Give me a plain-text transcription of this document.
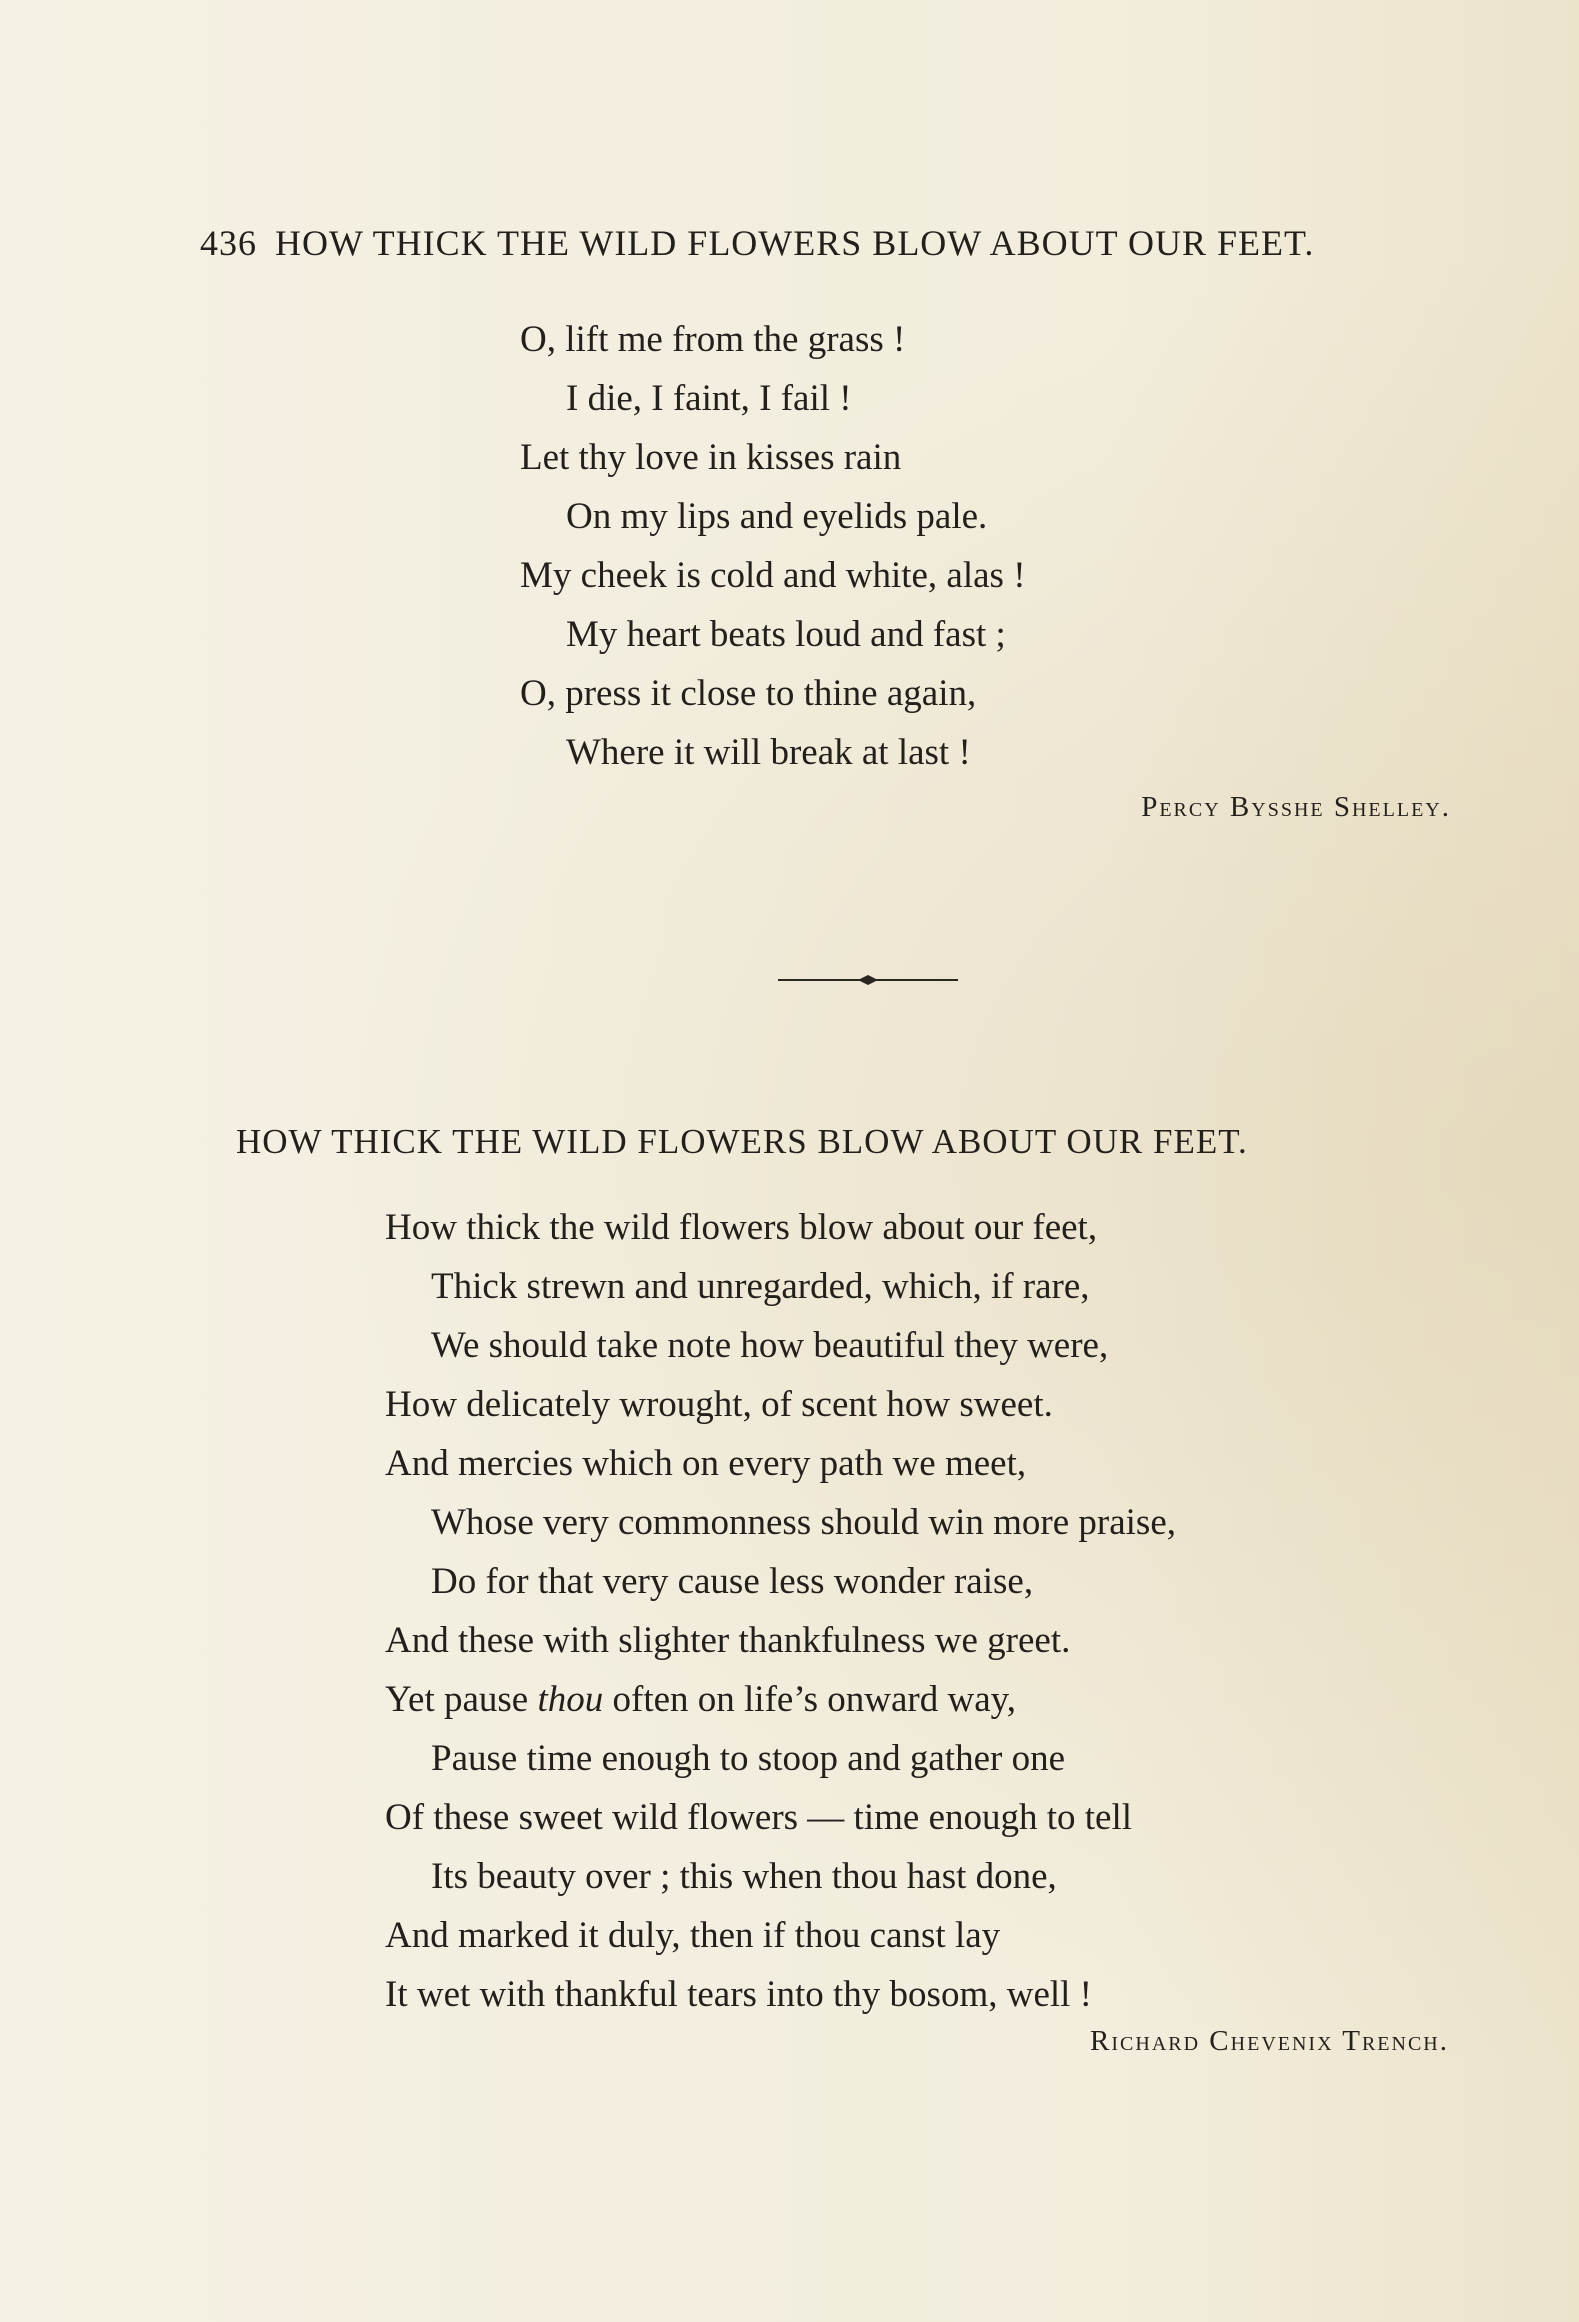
436 HOW THICK THE WILD FLOWERS BLOW ABOUT OUR FEET.
O, lift me from the grass !
I die, I faint, I fail !
Let thy love in kisses rain
On my lips and eyelids pale.
My cheek is cold and white, alas !
My heart beats loud and fast ;
O, press it close to thine again,
Where it will break at last !
Percy Bysshe Shelley.
HOW THICK THE WILD FLOWERS BLOW ABOUT OUR FEET.
How thick the wild flowers blow about our feet,
Thick strewn and unregarded, which, if rare,
We should take note how beautiful they were,
How delicately wrought, of scent how sweet.
And mercies which on every path we meet,
Whose very commonness should win more praise,
Do for that very cause less wonder raise,
And these with slighter thankfulness we greet.
Yet pause thou often on life’s onward way,
Pause time enough to stoop and gather one
Of these sweet wild flowers — time enough to tell
Its beauty over ; this when thou hast done,
And marked it duly, then if thou canst lay
It wet with thankful tears into thy bosom, well !
Richard Chevenix Trench.
